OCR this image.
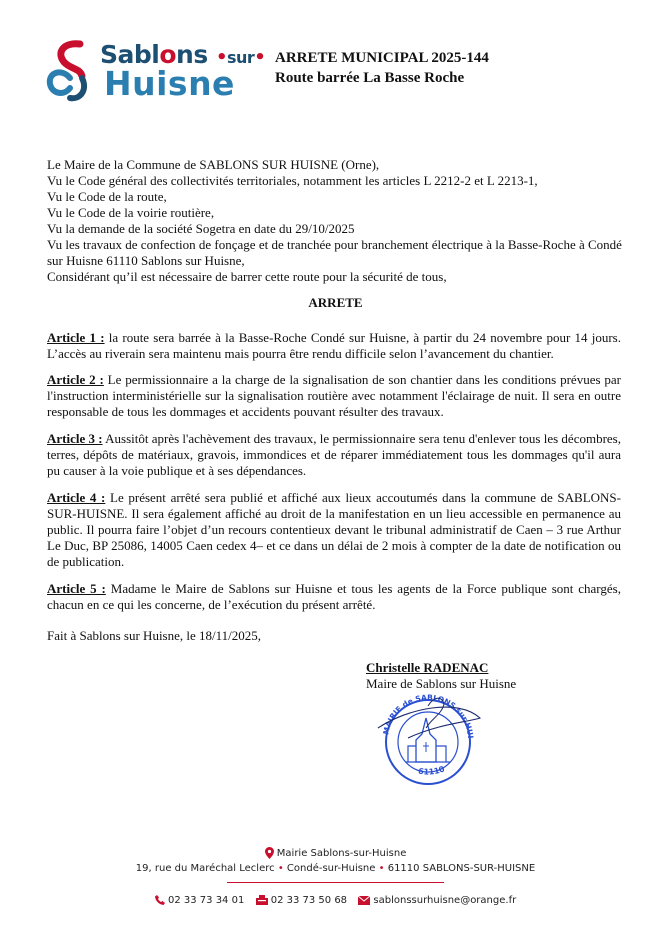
Sablons •sur•
Huisne
ARRETE MUNICIPAL 2025-144
Route barrée La Basse Roche

Le Maire de la Commune de SABLONS SUR HUISNE (Orne),

Vu le Code général des collectivités territoriales, notamment les articles L 2212-2 et L 2213-1,

Vu le Code de la route,

Vu le Code de la voirie routière,

Vu la demande de la société Sogetra en date du 29/10/2025

Vu les travaux de confection de fonçage et de tranchée pour branchement électrique à la Basse-Roche à Condé sur Huisne 61110 Sablons sur Huisne,

Considérant qu’il est nécessaire de barrer cette route pour la sécurité de tous,

ARRETE
Article 1 : la route sera barrée à la Basse-Roche Condé sur Huisne, à partir du 24 novembre pour 14 jours. L’accès au riverain sera maintenu mais pourra être rendu difficile selon l’avancement du chantier.
Article 2 : Le permissionnaire a la charge de la signalisation de son chantier dans les conditions prévues par l'instruction interministérielle sur la signalisation routière avec notamment l'éclairage de nuit. Il sera en outre responsable de tous les dommages et accidents pouvant résulter des travaux.
Article 3 : Aussitôt après l'achèvement des travaux, le permissionnaire sera tenu d'enlever tous les décombres, terres, dépôts de matériaux, gravois, immondices et de réparer immédiatement tous les dommages qu'il aura pu causer à la voie publique et à ses dépendances.
Article 4 : Le présent arrêté sera publié et affiché aux lieux accoutumés dans la commune de SABLONS-SUR-HUISNE. Il sera également affiché au droit de la manifestation en un lieu accessible en permanence au public. Il pourra faire l’objet d’un recours contentieux devant le tribunal administratif de Caen – 3 rue Arthur Le Duc, BP 25086, 14005 Caen cedex 4– et ce dans un délai de 2 mois à compter de la date de notification ou de publication.
Article 5 : Madame le Maire de Sablons sur Huisne et tous les agents de la Force publique sont chargés, chacun en ce qui les concerne, de l’exécution du présent arrêté.
Fait à Sablons sur Huisne, le 18/11/2025,
Christelle RADENAC
Maire de Sablons sur Huisne
MAIRIE de SABLONS sur HUI
61110
Mairie Sablons-sur-Huisne
19, rue du Maréchal Leclerc • Condé-sur-Huisne • 61110 SABLONS-SUR-HUISNE
02 33 73 34 01	02 33 73 50 68	sablonssurhuisne@orange.fr
